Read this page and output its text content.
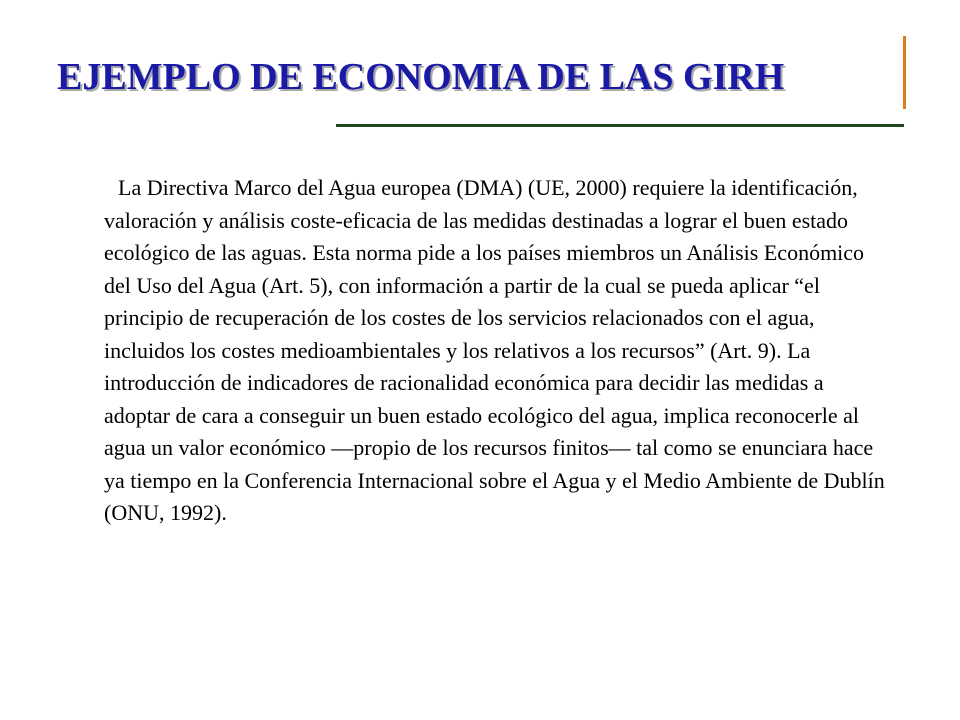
EJEMPLO DE ECONOMIA DE LAS GIRH

La Directiva Marco del Agua europea (DMA) (UE, 2000) requiere la identificación, valoración y análisis coste-eficacia de las medidas destinadas a lograr el buen estado ecológico de las aguas. Esta norma pide a los países miembros un Análisis Económico del Uso del Agua (Art. 5), con información a partir de la cual se pueda aplicar “el principio de recuperación de los costes de los servicios relacionados con el agua, incluidos los costes medioambientales y los relativos a los recursos” (Art. 9). La introducción de indicadores de racionalidad económica para decidir las medidas a adoptar de cara a conseguir un buen estado ecológico del agua, implica reconocerle al agua un valor económico —propio de los recursos finitos— tal como se enunciara hace ya tiempo en la Conferencia Internacional sobre el Agua y el Medio Ambiente de Dublín (ONU, 1992).
